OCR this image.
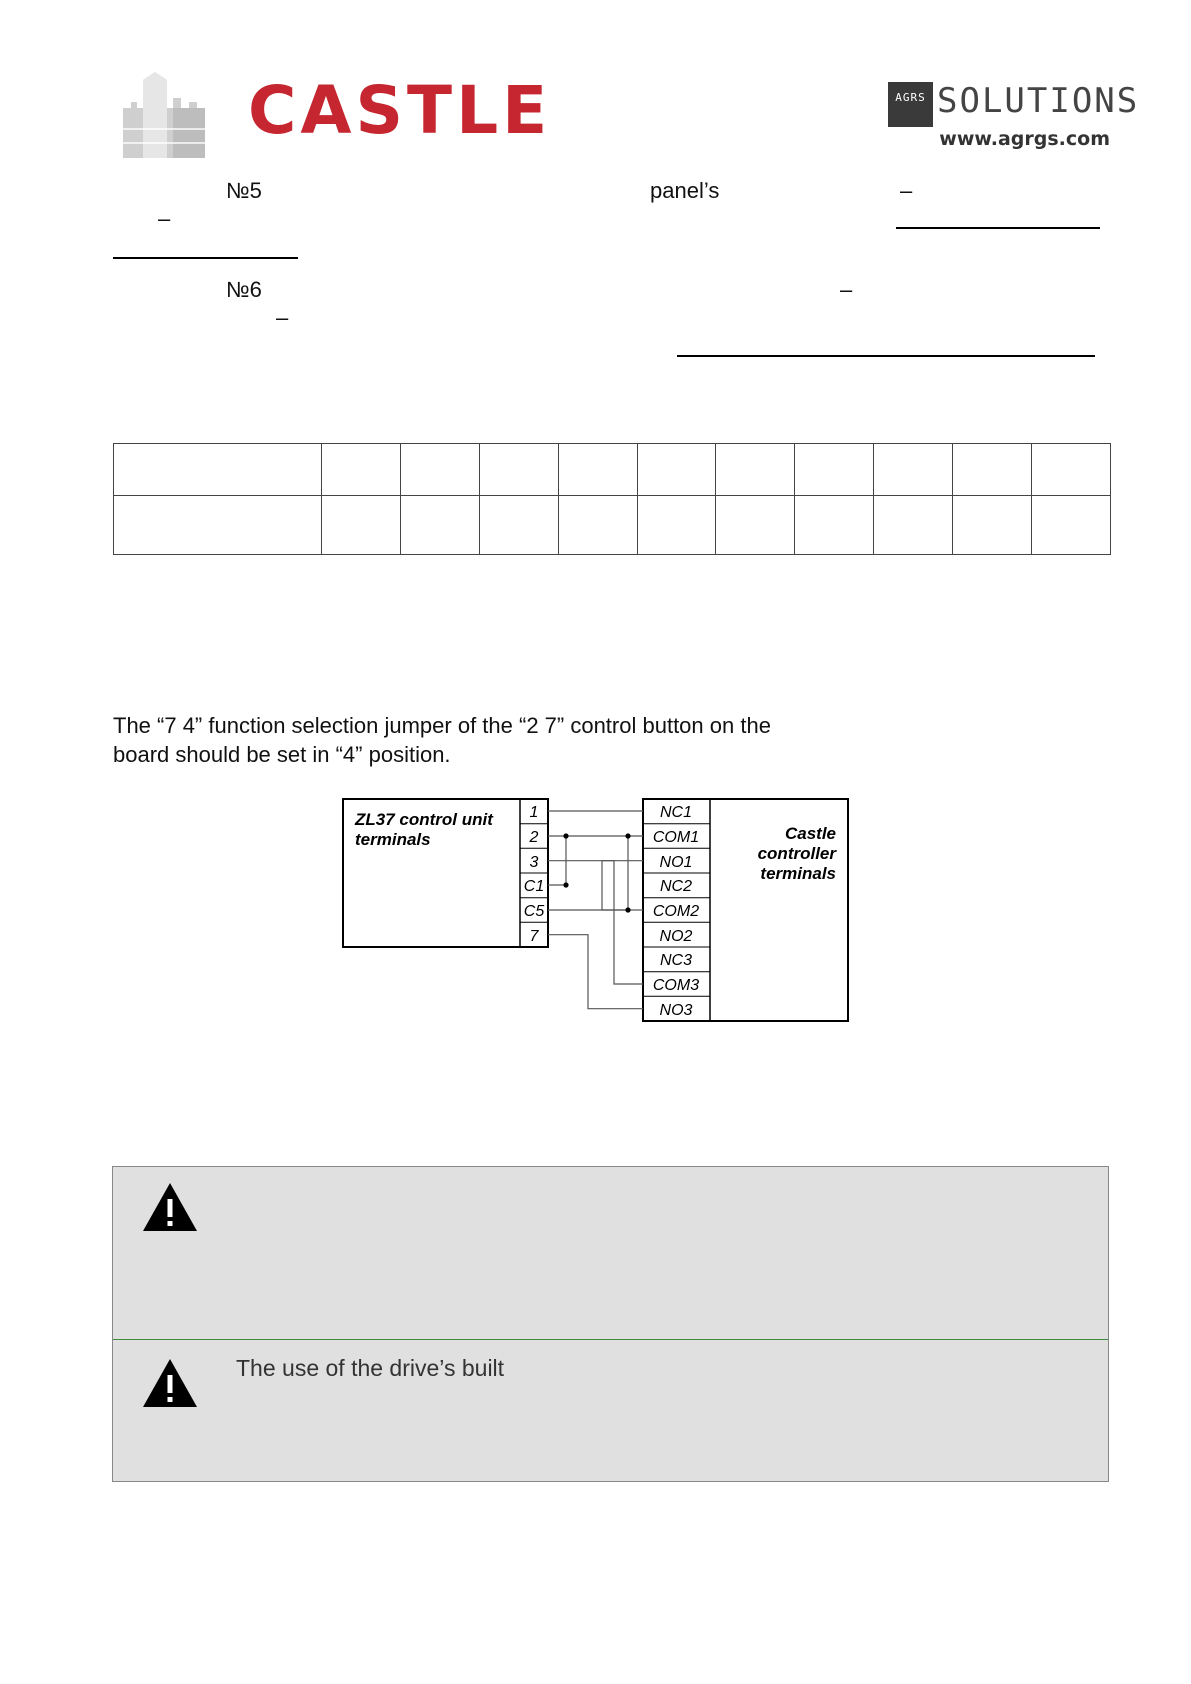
CASTLE	AGRS SOLUTIONS
www.agrgs.com
№5	panel’s	–
–
№6	–
–

The “7 4” function selection jumper of the “2 7” control button on the
board should be set in “4” position.
ZL37 control unit
terminals
1
2
3
C1
C5
7
NC1
COM1
NO1
NC2
COM2
NO2
NC3
COM3
NO3
Castle
controller
terminals
The use of the drive’s built
